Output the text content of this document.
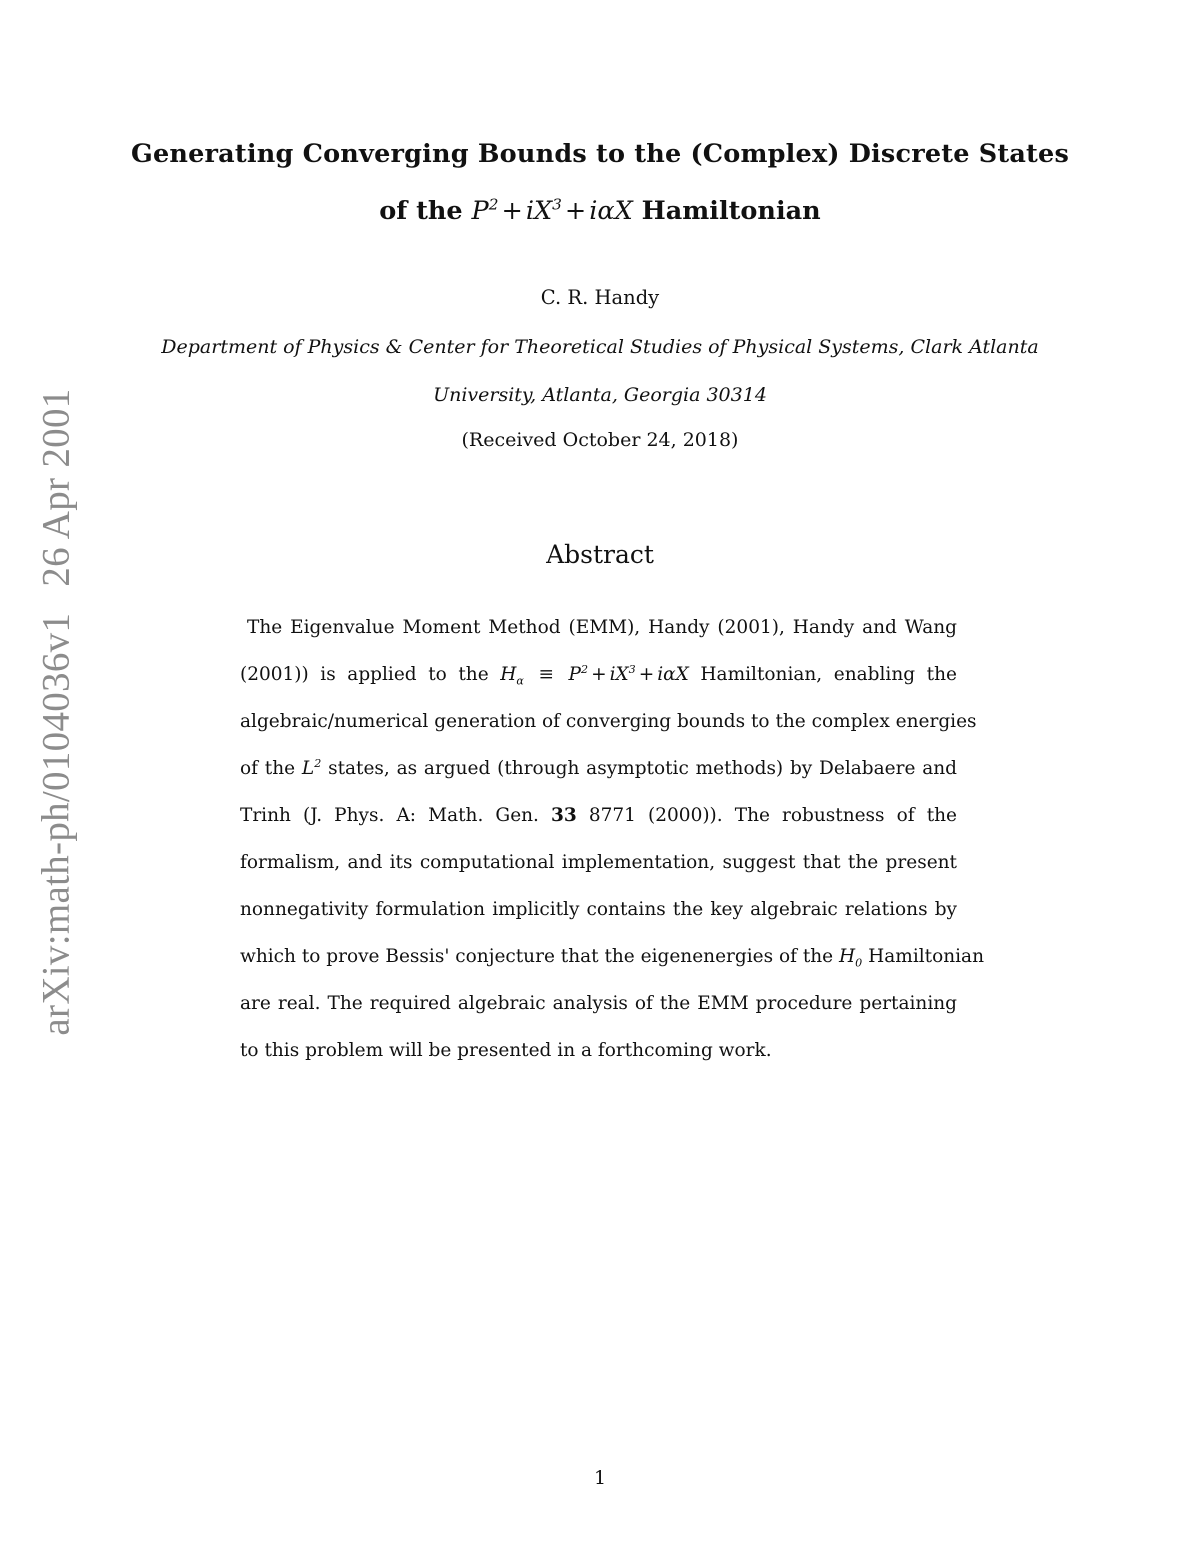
arXiv:math-ph/0104036v126 Apr 2001
Generating Converging Bounds to the (Complex) Discrete States
of the $P^2 + iX^3 + i\alpha X$ Hamiltonian
C. R. Handy
Department of Physics & Center for Theoretical Studies of Physical Systems, Clark Atlanta
University, Atlanta, Georgia 30314
(Received October 24, 2018)
Abstract
The Eigenvalue Moment Method (EMM), Handy (2001), Handy and Wang
(2001)) is applied to the $H_\alpha \equiv P^2 + iX^3 + i\alpha X$ Hamiltonian, enabling the
algebraic/numerical generation of converging bounds to the complex energies
of the $L^2$ states, as argued (through asymptotic methods) by Delabaere and
Trinh (J. Phys. A: Math. Gen. 33 8771 (2000)). The robustness of the
formalism, and its computational implementation, suggest that the present
nonnegativity formulation implicitly contains the key algebraic relations by
which to prove Bessis' conjecture that the eigenenergies of the $H_0$ Hamiltonian
are real. The required algebraic analysis of the EMM procedure pertaining
to this problem will be presented in a forthcoming work.
1
